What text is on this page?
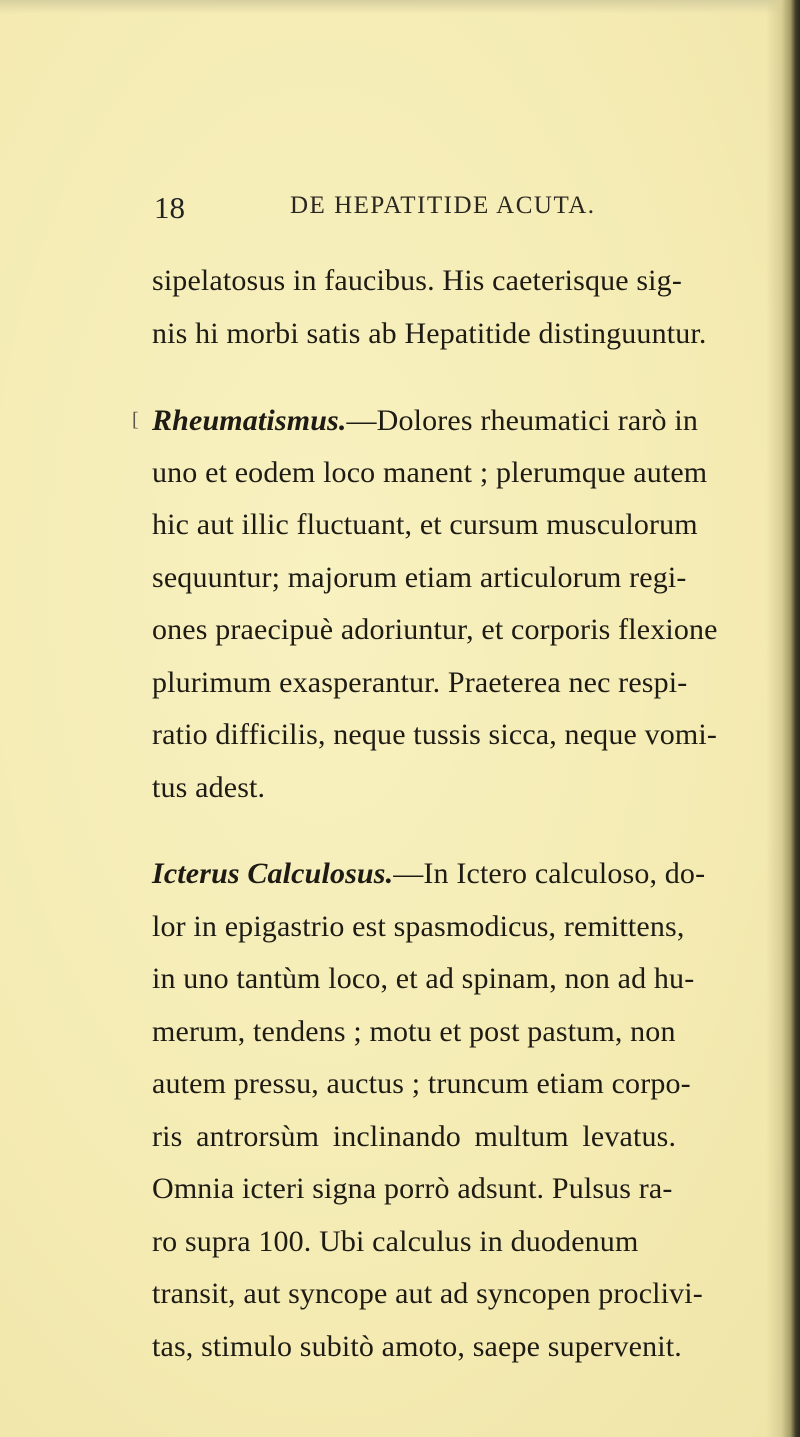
18	DE HEPATITIDE ACUTA.
sipelatosus in faucibus. His caeterisque sig-
nis hi morbi satis ab Hepatitide distinguuntur.
[ Rheumatismus.—Dolores rheumatici rarò in
uno et eodem loco manent ; plerumque autem
hic aut illic fluctuant, et cursum musculorum
sequuntur; majorum etiam articulorum regi-
ones praecipuè adoriuntur, et corporis flexione
plurimum exasperantur. Praeterea nec respi-
ratio difficilis, neque tussis sicca, neque vomi-
tus adest.
Icterus Calculosus.—In Ictero calculoso, do-
lor in epigastrio est spasmodicus, remittens,
in uno tantùm loco, et ad spinam, non ad hu-
merum, tendens ; motu et post pastum, non
autem pressu, auctus ; truncum etiam corpo-
ris antrorsùm inclinando multum levatus.
Omnia icteri signa porrò adsunt. Pulsus ra-
ro supra 100. Ubi calculus in duodenum
transit, aut syncope aut ad syncopen proclivi-
tas, stimulo subitò amoto, saepe supervenit.
